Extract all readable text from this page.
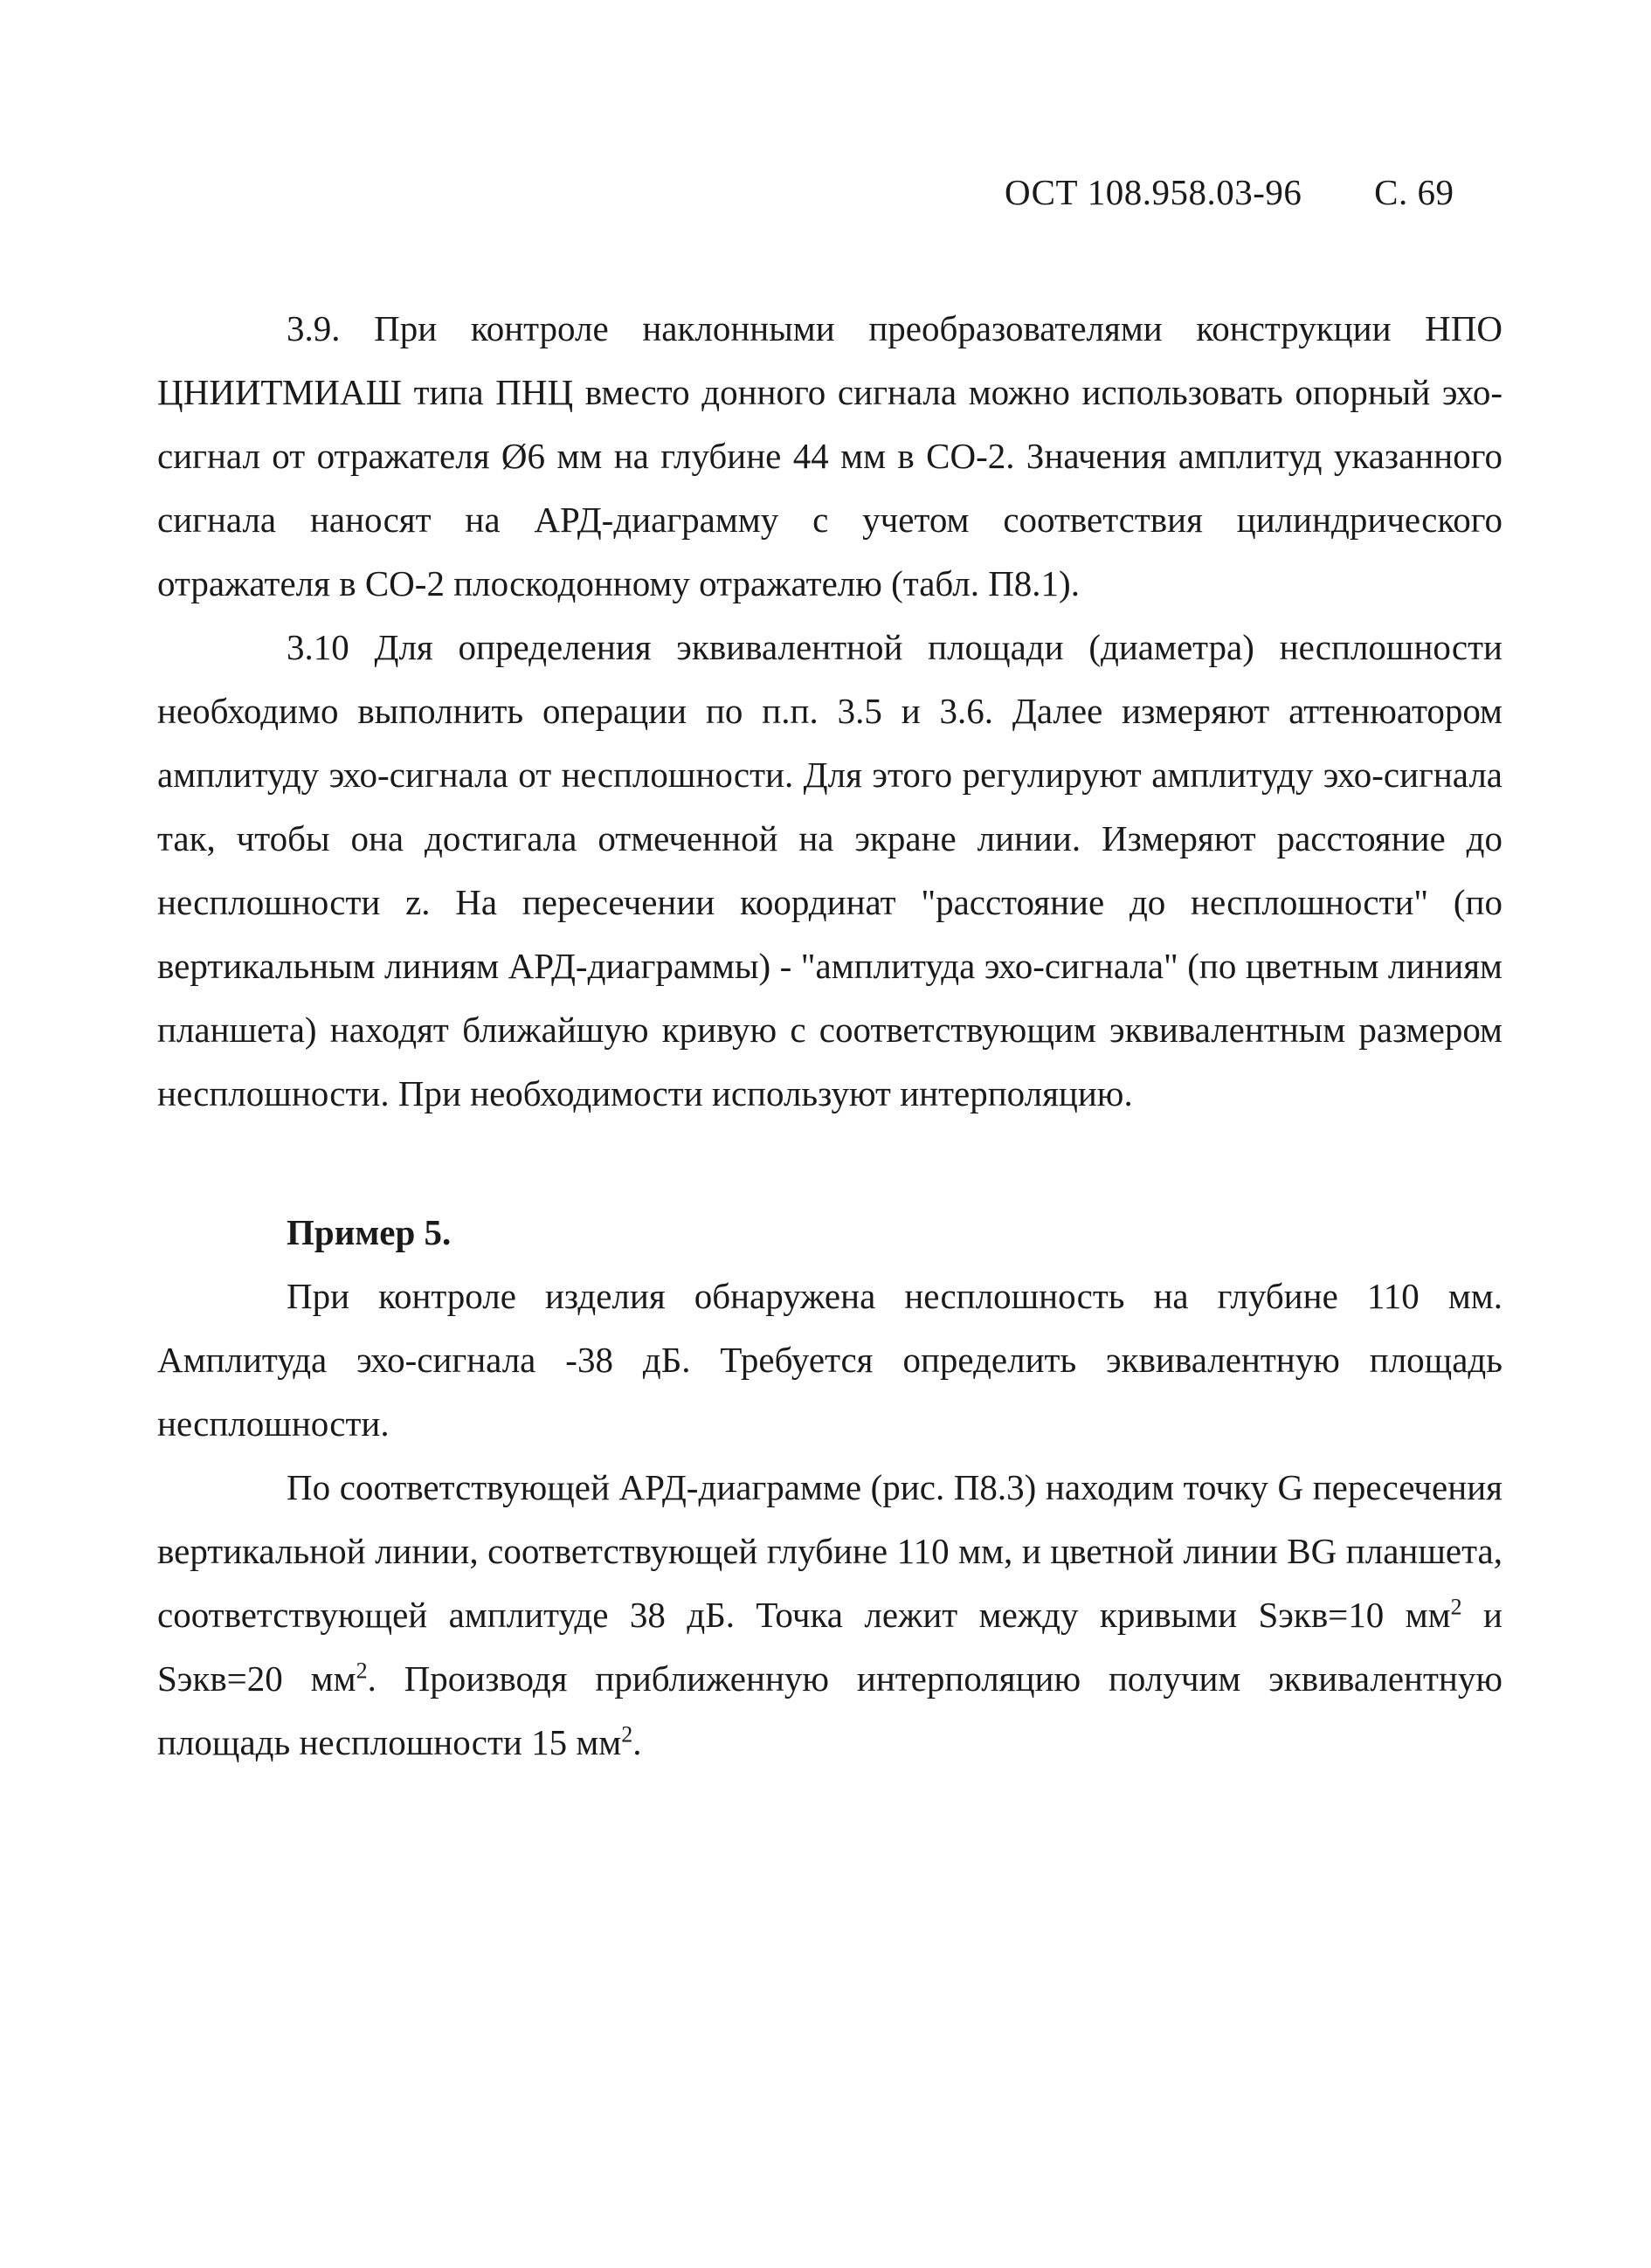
ОСТ 108.958.03-96 С. 69

3.9. При контроле наклонными преобразователями конструкции НПО ЦНИИТМИАШ типа ПНЦ вместо донного сигнала можно использовать опорный эхо-сигнал от отражателя Ø6 мм на глубине 44 мм в СО-2. Значения амплитуд указанного сигнала наносят на АРД-диаграмму с учетом соответствия цилиндрического отражателя в СО-2 плоскодонному отражателю (табл. П8.1).

3.10 Для определения эквивалентной площади (диаметра) несплошности необходимо выполнить операции по п.п. 3.5 и 3.6. Далее измеряют аттенюатором амплитуду эхо-сигнала от несплошности. Для этого регулируют амплитуду эхо-сигнала так, чтобы она достигала отмеченной на экране линии. Измеряют расстояние до несплошности z. На пересечении координат "расстояние до несплошности" (по вертикальным линиям АРД-диаграммы) - "амплитуда эхо-сигнала" (по цветным линиям планшета) находят ближайшую кривую с соответствующим эквивалентным размером несплошности. При необходимости используют интерполяцию.

Пример 5.

При контроле изделия обнаружена несплошность на глубине 110 мм. Амплитуда эхо-сигнала -38 дБ. Требуется определить эквивалентную площадь несплошности.

По соответствующей АРД-диаграмме (рис. П8.3) находим точку G пересечения вертикальной линии, соответствующей глубине 110 мм, и цветной линии BG планшета, соответствующей амплитуде 38 дБ. Точка лежит между кривыми Sэкв=10 $мм^2$ и Sэкв=20 $мм^2$. Производя приближенную интерполяцию получим эквивалентную площадь несплошности 15 $мм^2$.
